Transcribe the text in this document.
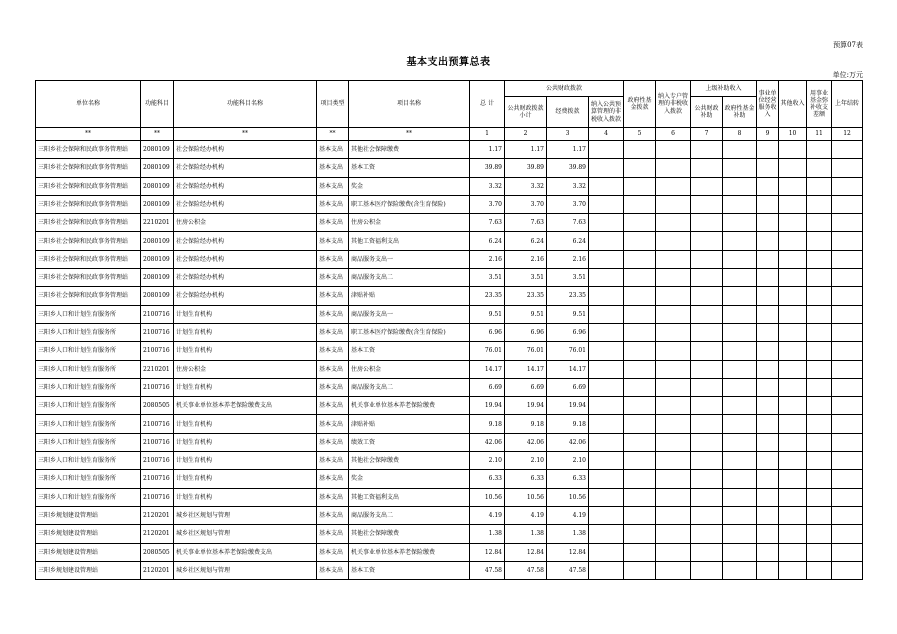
预算07表
基本支出预算总表
单位:万元
单位名称	功能科目	功能科目名称	项目类型	项目名称	总 计	公共财政拨款			政府性基金拨款	纳入专户管理的非税收入拨款	上级补助收入		事业单位经营服务收入	其他收入	用事业基金弥补收支差额	上年结转
						公共财政拨款小计	经费拨款	纳入公共预算管理的非税收入拨款			公共财政补助	政府性基金补助				
**	**	**	**	**	1	2	3	4	5	6	7	8	9	10	11	12
三阳乡社会保障和民政事务管理站	2080109	社会保险经办机构	基本支出	其他社会保障缴费	1.17	1.17	1.17									
三阳乡社会保障和民政事务管理站	2080109	社会保险经办机构	基本支出	基本工资	39.89	39.89	39.89									
三阳乡社会保障和民政事务管理站	2080109	社会保险经办机构	基本支出	奖金	3.32	3.32	3.32									
三阳乡社会保障和民政事务管理站	2080109	社会保险经办机构	基本支出	职工基本医疗保险缴费(含生育保险)	3.70	3.70	3.70									
三阳乡社会保障和民政事务管理站	2210201	住房公积金	基本支出	住房公积金	7.63	7.63	7.63									
三阳乡社会保障和民政事务管理站	2080109	社会保险经办机构	基本支出	其他工资福利支出	6.24	6.24	6.24									
三阳乡社会保障和民政事务管理站	2080109	社会保险经办机构	基本支出	商品服务支出一	2.16	2.16	2.16									
三阳乡社会保障和民政事务管理站	2080109	社会保险经办机构	基本支出	商品服务支出二	3.51	3.51	3.51									
三阳乡社会保障和民政事务管理站	2080109	社会保险经办机构	基本支出	津贴补贴	23.35	23.35	23.35									
三阳乡人口和计划生育服务所	2100716	计划生育机构	基本支出	商品服务支出一	9.51	9.51	9.51									
三阳乡人口和计划生育服务所	2100716	计划生育机构	基本支出	职工基本医疗保险缴费(含生育保险)	6.96	6.96	6.96									
三阳乡人口和计划生育服务所	2100716	计划生育机构	基本支出	基本工资	76.01	76.01	76.01									
三阳乡人口和计划生育服务所	2210201	住房公积金	基本支出	住房公积金	14.17	14.17	14.17									
三阳乡人口和计划生育服务所	2100716	计划生育机构	基本支出	商品服务支出二	6.69	6.69	6.69									
三阳乡人口和计划生育服务所	2080505	机关事业单位基本养老保险缴费支出	基本支出	机关事业单位基本养老保险缴费	19.94	19.94	19.94									
三阳乡人口和计划生育服务所	2100716	计划生育机构	基本支出	津贴补贴	9.18	9.18	9.18									
三阳乡人口和计划生育服务所	2100716	计划生育机构	基本支出	绩效工资	42.06	42.06	42.06									
三阳乡人口和计划生育服务所	2100716	计划生育机构	基本支出	其他社会保障缴费	2.10	2.10	2.10									
三阳乡人口和计划生育服务所	2100716	计划生育机构	基本支出	奖金	6.33	6.33	6.33									
三阳乡人口和计划生育服务所	2100716	计划生育机构	基本支出	其他工资福利支出	10.56	10.56	10.56									
三阳乡规划建设管理站	2120201	城乡社区规划与管理	基本支出	商品服务支出二	4.19	4.19	4.19									
三阳乡规划建设管理站	2120201	城乡社区规划与管理	基本支出	其他社会保障缴费	1.38	1.38	1.38									
三阳乡规划建设管理站	2080505	机关事业单位基本养老保险缴费支出	基本支出	机关事业单位基本养老保险缴费	12.84	12.84	12.84									
三阳乡规划建设管理站	2120201	城乡社区规划与管理	基本支出	基本工资	47.58	47.58	47.58									
